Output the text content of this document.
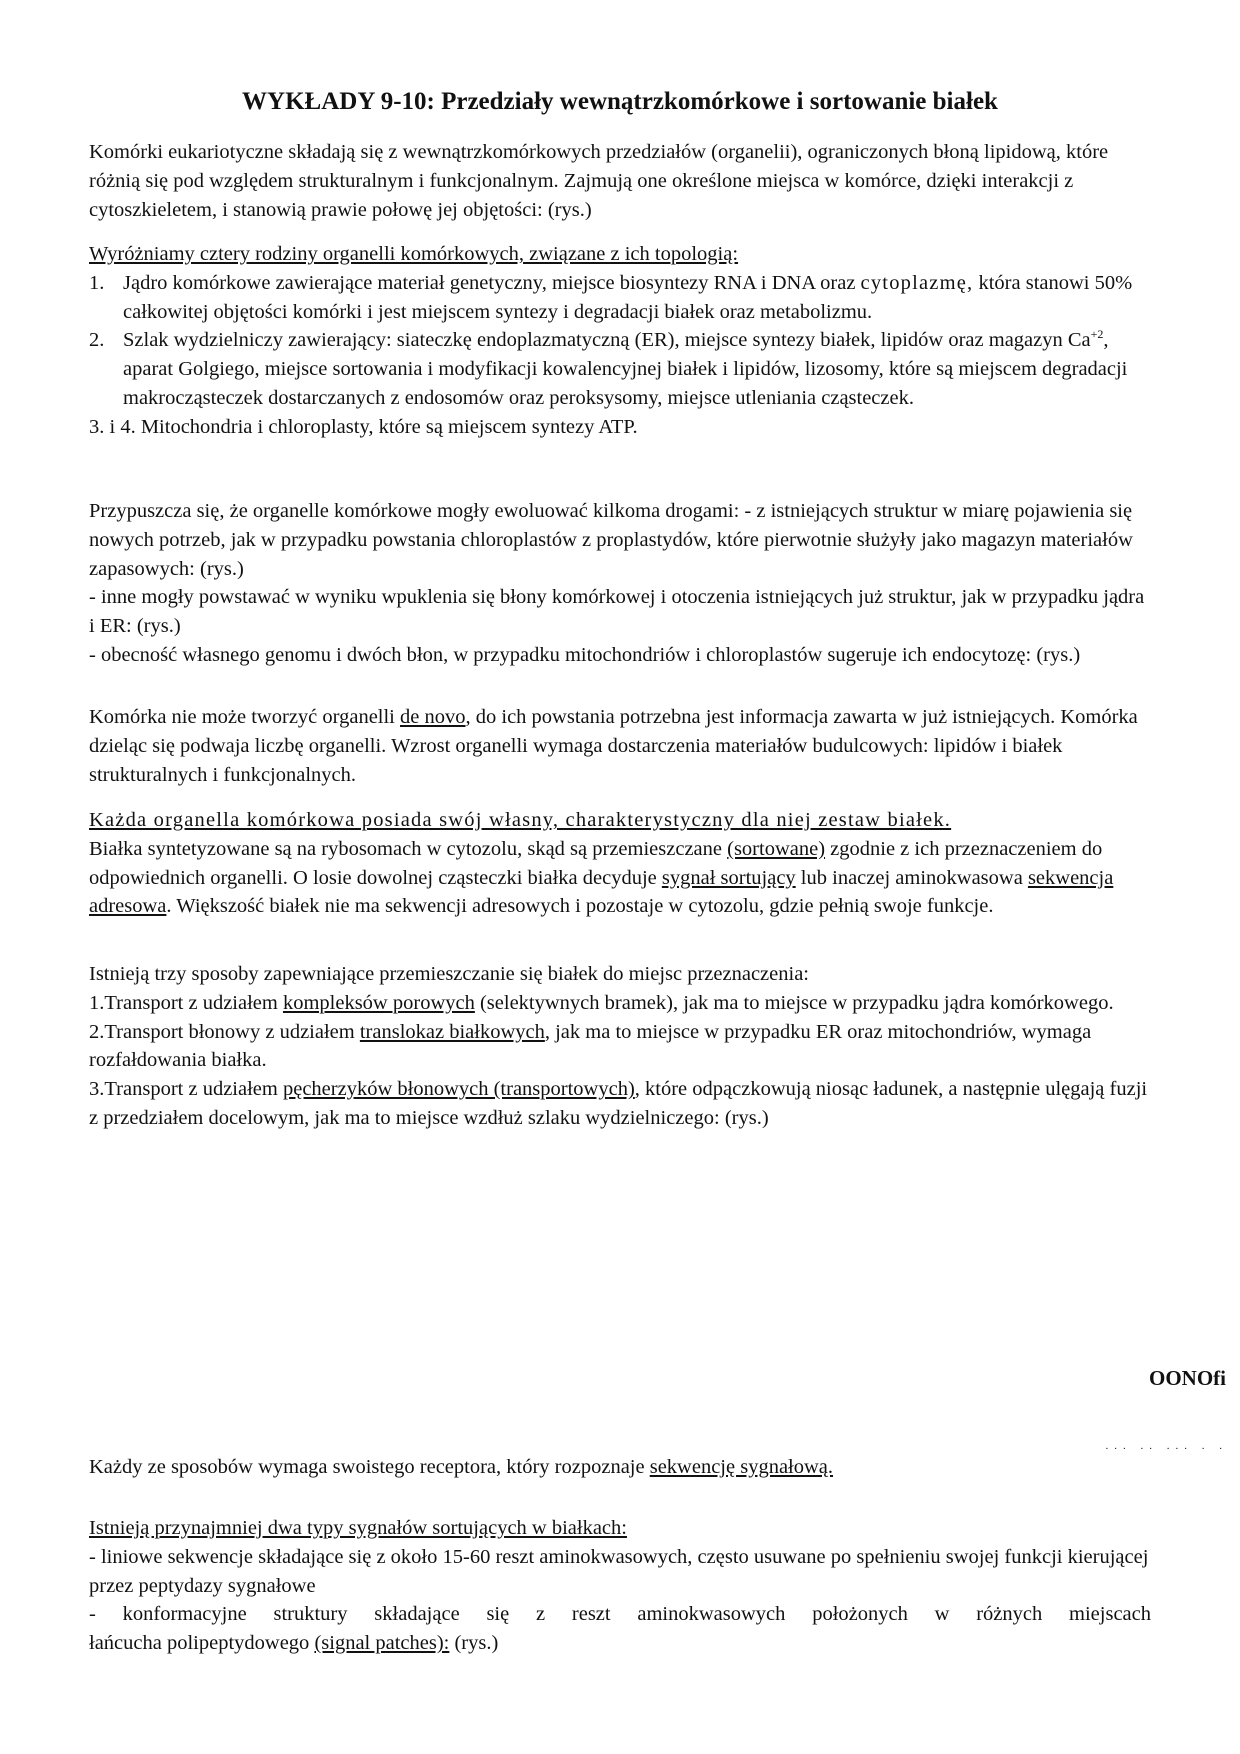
WYKŁADY 9-10: Przedziały wewnątrzkomórkowe i sortowanie białek

Komórki eukariotyczne składają się z wewnątrzkomórkowych przedziałów (organelii), ograniczonych błoną lipidową, które różnią się pod względem strukturalnym i funkcjonalnym. Zajmują one określone miejsca w komórce, dzięki interakcji z cytoszkieletem, i stanowią prawie połowę jej objętości: (rys.)

Wyróżniamy cztery rodziny organelli komórkowych, związane z ich topologią:

1. Jądro komórkowe zawierające materiał genetyczny, miejsce biosyntezy RNA i DNA oraz cytoplazmę, która stanowi 50% całkowitej objętości komórki i jest miejscem syntezy i degradacji białek oraz metabolizmu.

2. Szlak wydzielniczy zawierający: siateczkę endoplazmatyczną (ER), miejsce syntezy białek, lipidów oraz magazyn $Ca^{+2}$, aparat Golgiego, miejsce sortowania i modyfikacji kowalencyjnej białek i lipidów, lizosomy, które są miejscem degradacji makrocząsteczek dostarczanych z endosomów oraz peroksysomy, miejsce utleniania cząsteczek.

3. i 4. Mitochondria i chloroplasty, które są miejscem syntezy ATP.

Przypuszcza się, że organelle komórkowe mogły ewoluować kilkoma drogami: - z istniejących struktur w miarę pojawienia się nowych potrzeb, jak w przypadku powstania chloroplastów z proplastydów, które pierwotnie służyły jako magazyn materiałów zapasowych: (rys.)

- inne mogły powstawać w wyniku wpuklenia się błony komórkowej i otoczenia istniejących już struktur, jak w przypadku jądra i ER: (rys.)

- obecność własnego genomu i dwóch błon, w przypadku mitochondriów i chloroplastów sugeruje ich endocytozę: (rys.)

Komórka nie może tworzyć organelli de novo, do ich powstania potrzebna jest informacja zawarta w już istniejących. Komórka dzieląc się podwaja liczbę organelli. Wzrost organelli wymaga dostarczenia materiałów budulcowych: lipidów i białek strukturalnych i funkcjonalnych.

Każda organella komórkowa posiada swój własny, charakterystyczny dla niej zestaw białek.

Białka syntetyzowane są na rybosomach w cytozolu, skąd są przemieszczane (sortowane) zgodnie z ich przeznaczeniem do odpowiednich organelli. O losie dowolnej cząsteczki białka decyduje sygnał sortujący lub inaczej aminokwasowa sekwencja adresowa. Większość białek nie ma sekwencji adresowych i pozostaje w cytozolu, gdzie pełnią swoje funkcje.

Istnieją trzy sposoby zapewniające przemieszczanie się białek do miejsc przeznaczenia:

1.Transport z udziałem kompleksów porowych (selektywnych bramek), jak ma to miejsce w przypadku jądra komórkowego.

2.Transport błonowy z udziałem translokaz białkowych, jak ma to miejsce w przypadku ER oraz mitochondriów, wymaga rozfałdowania białka.

3.Transport z udziałem pęcherzyków błonowych (transportowych), które odpączkowują niosąc ładunek, a następnie ulęgają fuzji z przedziałem docelowym, jak ma to miejsce wzdłuż szlaku wydzielniczego: (rys.)

OONOfi
... .. ... . .

Każdy ze sposobów wymaga swoistego receptora, który rozpoznaje sekwencję sygnałową.

Istnieją przynajmniej dwa typy sygnałów sortujących w białkach:

- liniowe sekwencje składające się z około 15-60 reszt aminokwasowych, często usuwane po spełnieniu swojej funkcji kierującej przez peptydazy sygnałowe

- konformacyjne struktury składające się z reszt aminokwasowych położonych w różnych miejscach

łańcucha polipeptydowego (signal patches): (rys.)
